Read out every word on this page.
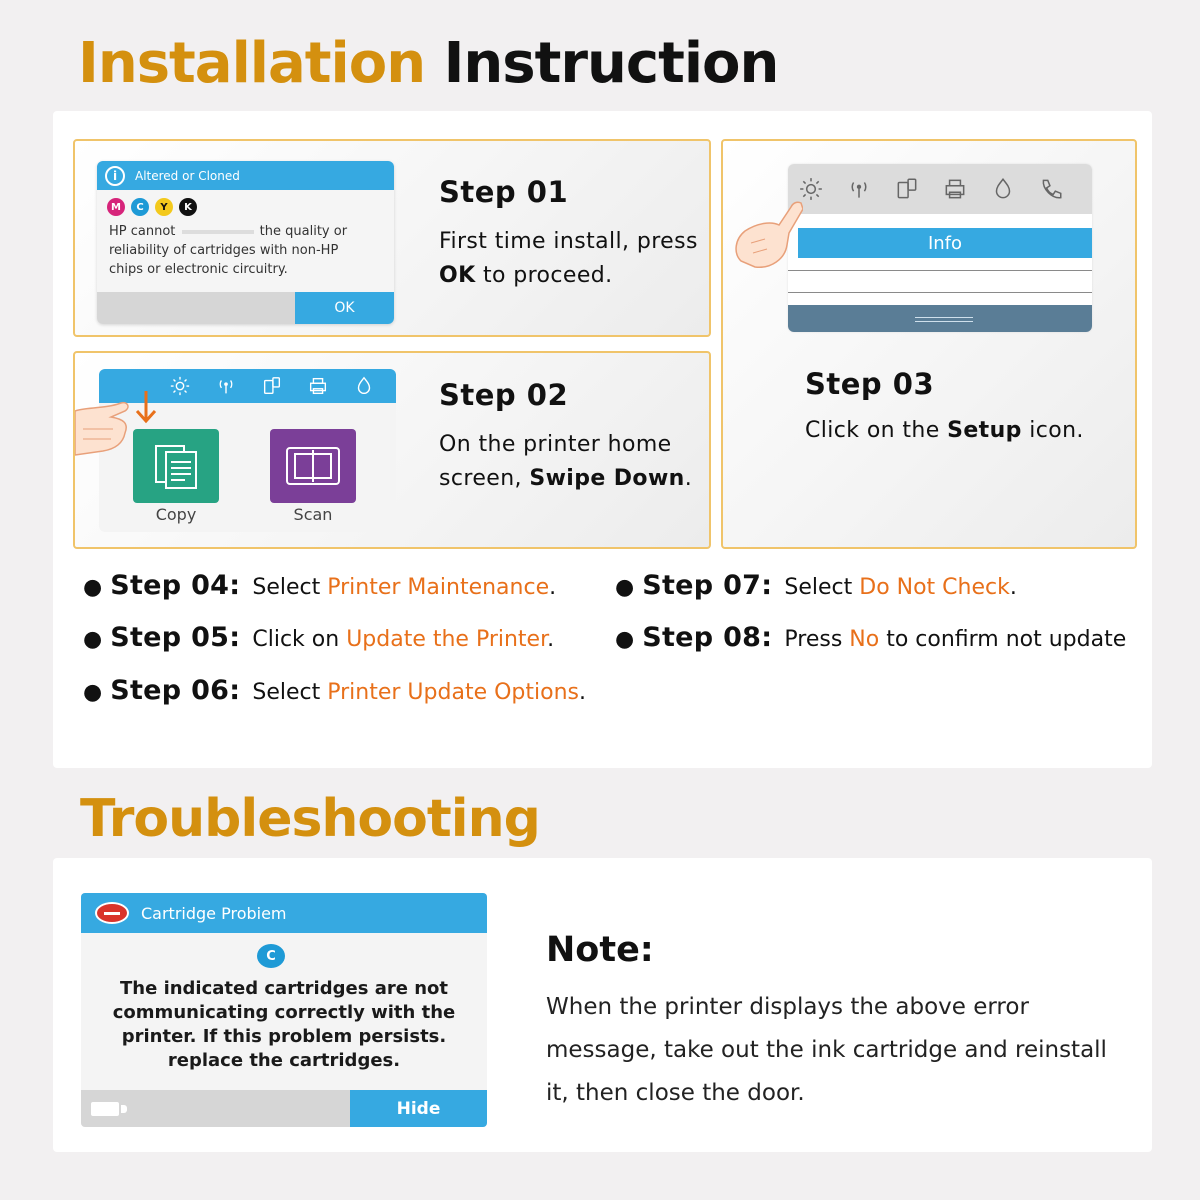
Installation Instruction
i	Altered or Cloned
M	C	Y	K
HP cannot	the quality or
reliability of cartridges with non-HP
chips or electronic circuitry.
OK
Step 01
First time install, press
OK to proceed.
Copy	Scan
Step 02
On the printer home
screen, Swipe Down.
Info
Step 03
Click on the Setup icon.
● Step 04: Select Printer Maintenance.
● Step 05: Click on Update the Printer.
● Step 06: Select Printer Update Options.
● Step 07: Select Do Not Check.
● Step 08: Press No to confirm not update
Troubleshooting
Cartridge Probiem
C
The indicated cartridges are not communicating correctly with the printer. If this problem persists. replace the cartridges.
Hide
Note:
When the printer displays the above error message, take out the ink cartridge and reinstall it, then close the door.
